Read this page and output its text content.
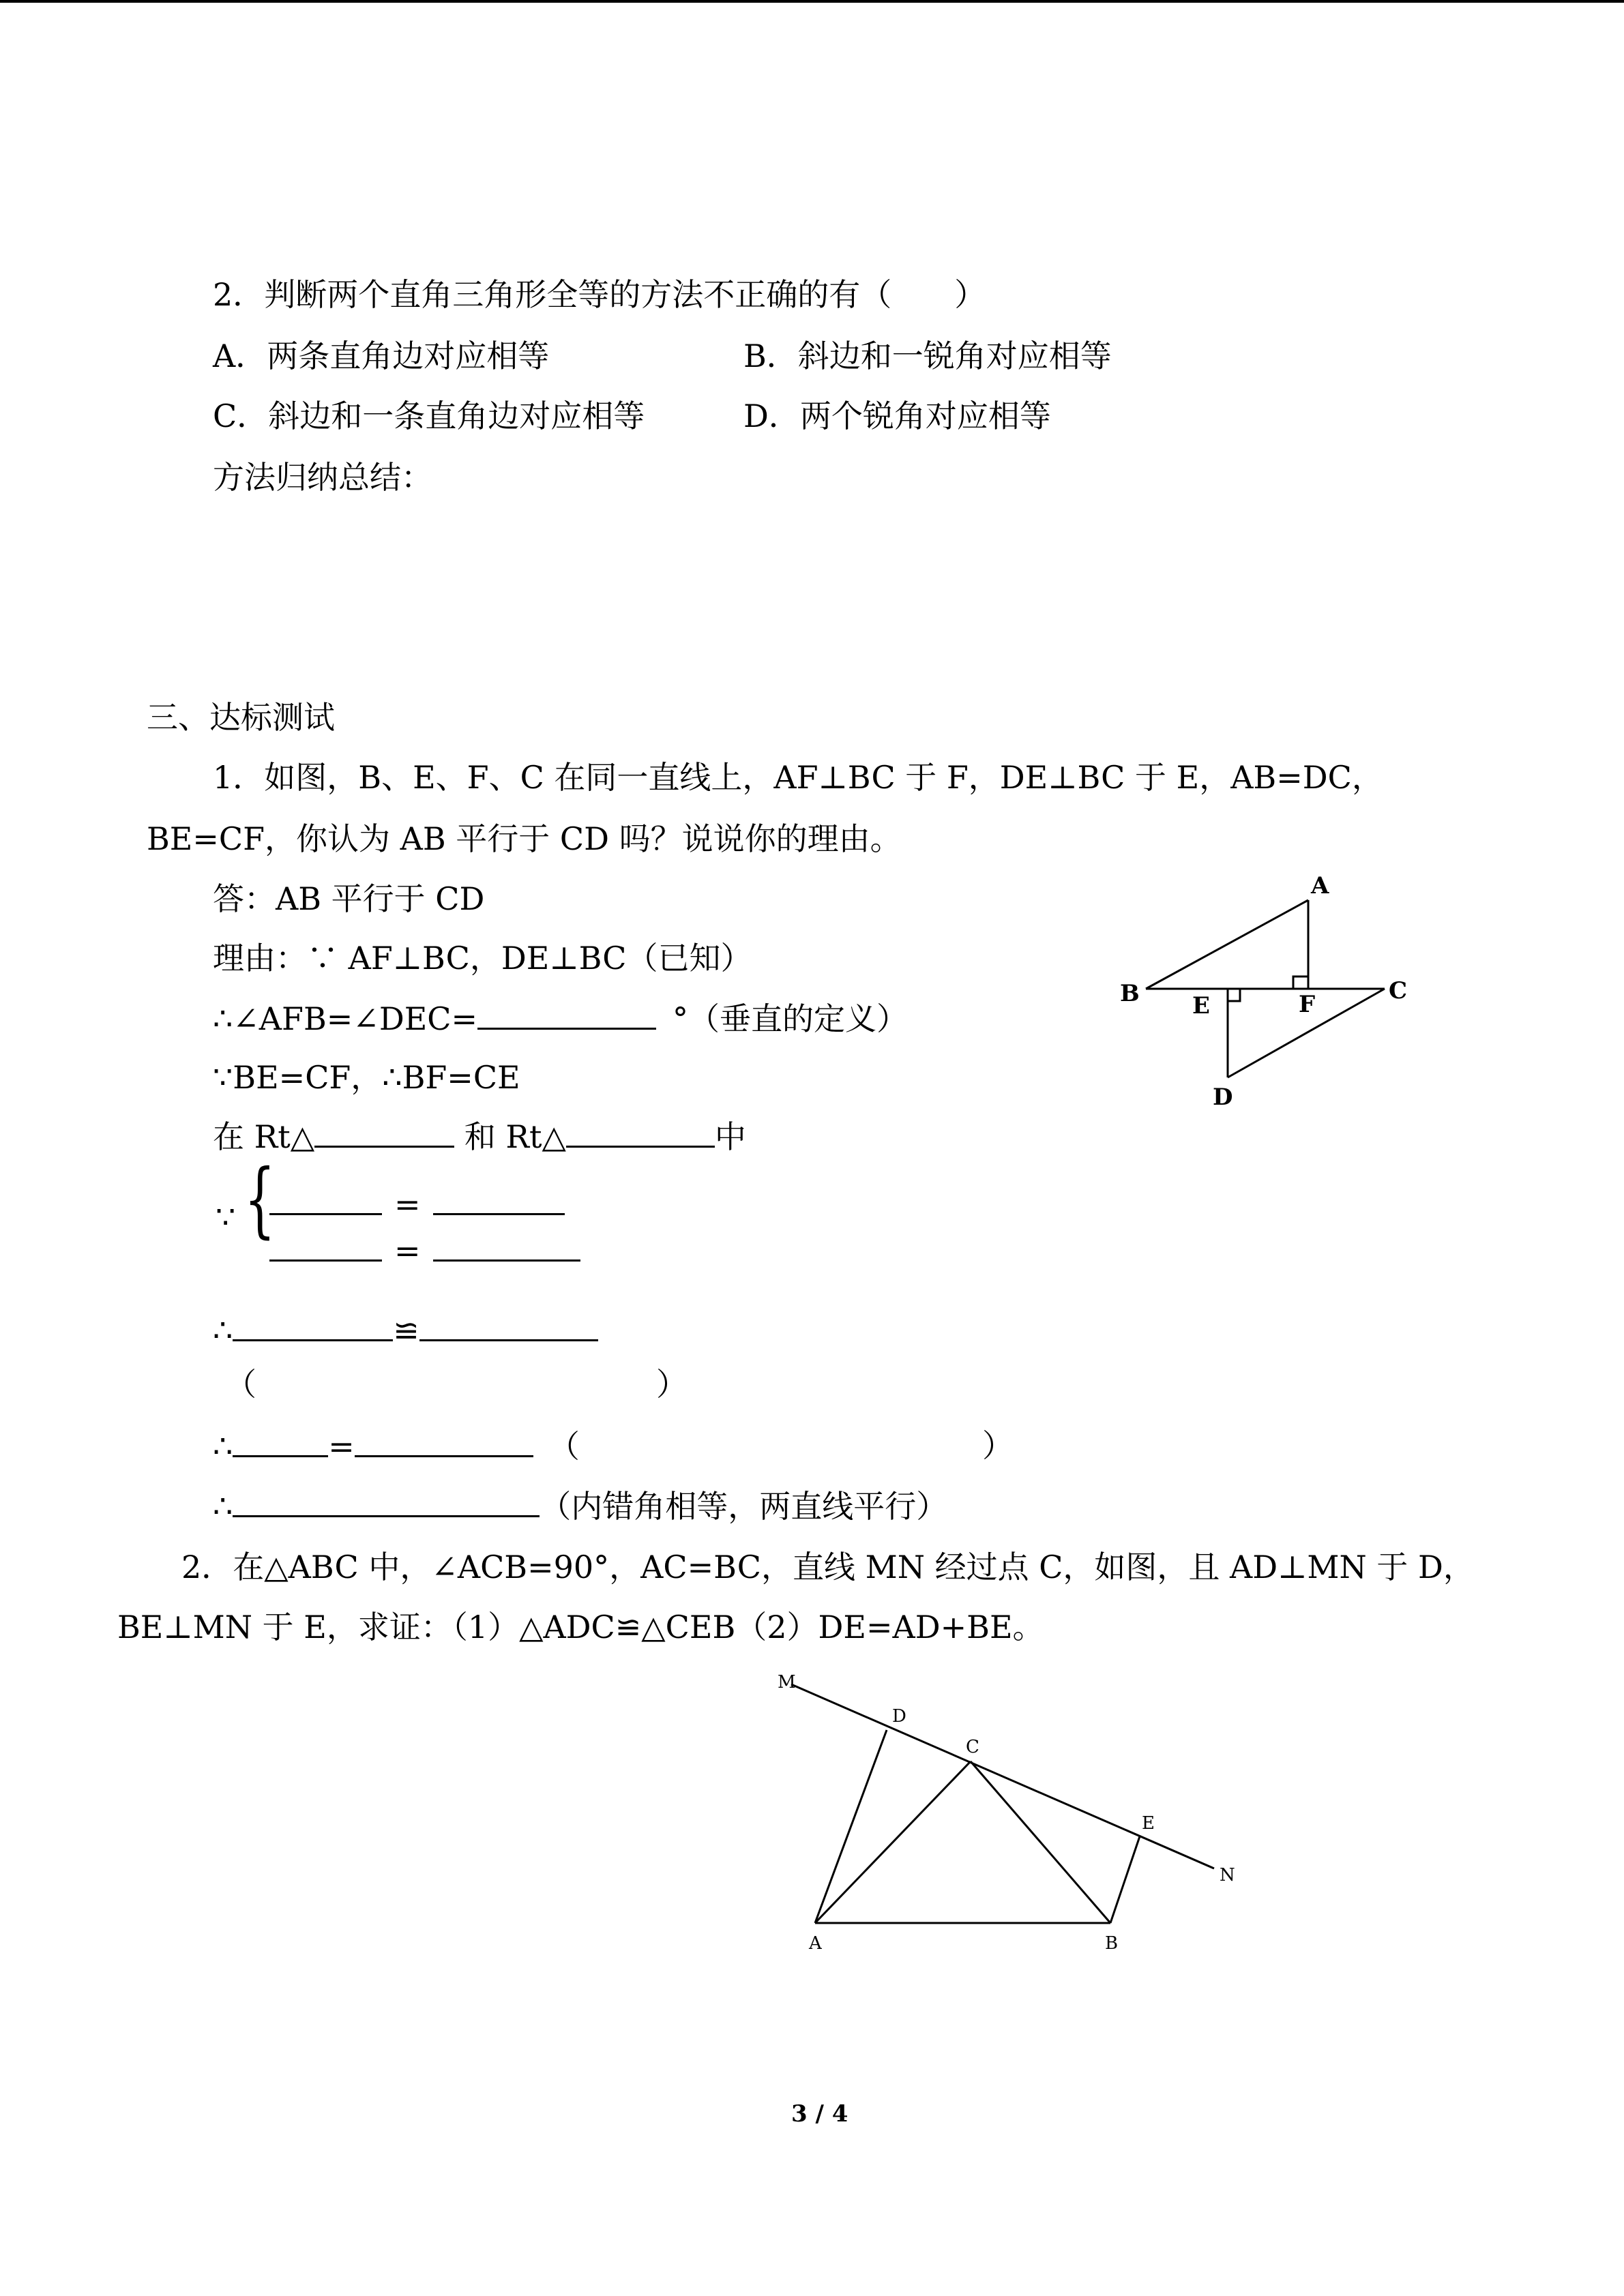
2．判断两个直角三角形全等的方法不正确的有（　　）
A．两条直角边对应相等	B．斜边和一锐角对应相等
C．斜边和一条直角边对应相等	D．两个锐角对应相等
方法归纳总结：
三、达标测试
1．如图，B、E、F、C 在同一直线上，AF⊥BC 于 F，DE⊥BC 于 E，AB=DC，
BE=CF，你认为 AB 平行于 CD 吗？说说你的理由。
答：AB 平行于 CD
理由：∵ AF⊥BC，DE⊥BC（已知）
∴∠AFB=∠DEC=	°（垂直的定义）
∵BE=CF，∴BF=CE
在 Rt△	和 Rt△	中
∵ {	=
=
∴	≌
（	）
∴	=	（	）
∴	（内错角相等，两直线平行）
A
B E	F	C
D
2．在△ABC 中，∠ACB=90°，AC=BC，直线 MN 经过点 C，如图，且 AD⊥MN 于 D，
BE⊥MN 于 E，求证：（1）△ADC≌△CEB（2）DE=AD+BE。
M
D
C
E
N
A	B
3 / 4
